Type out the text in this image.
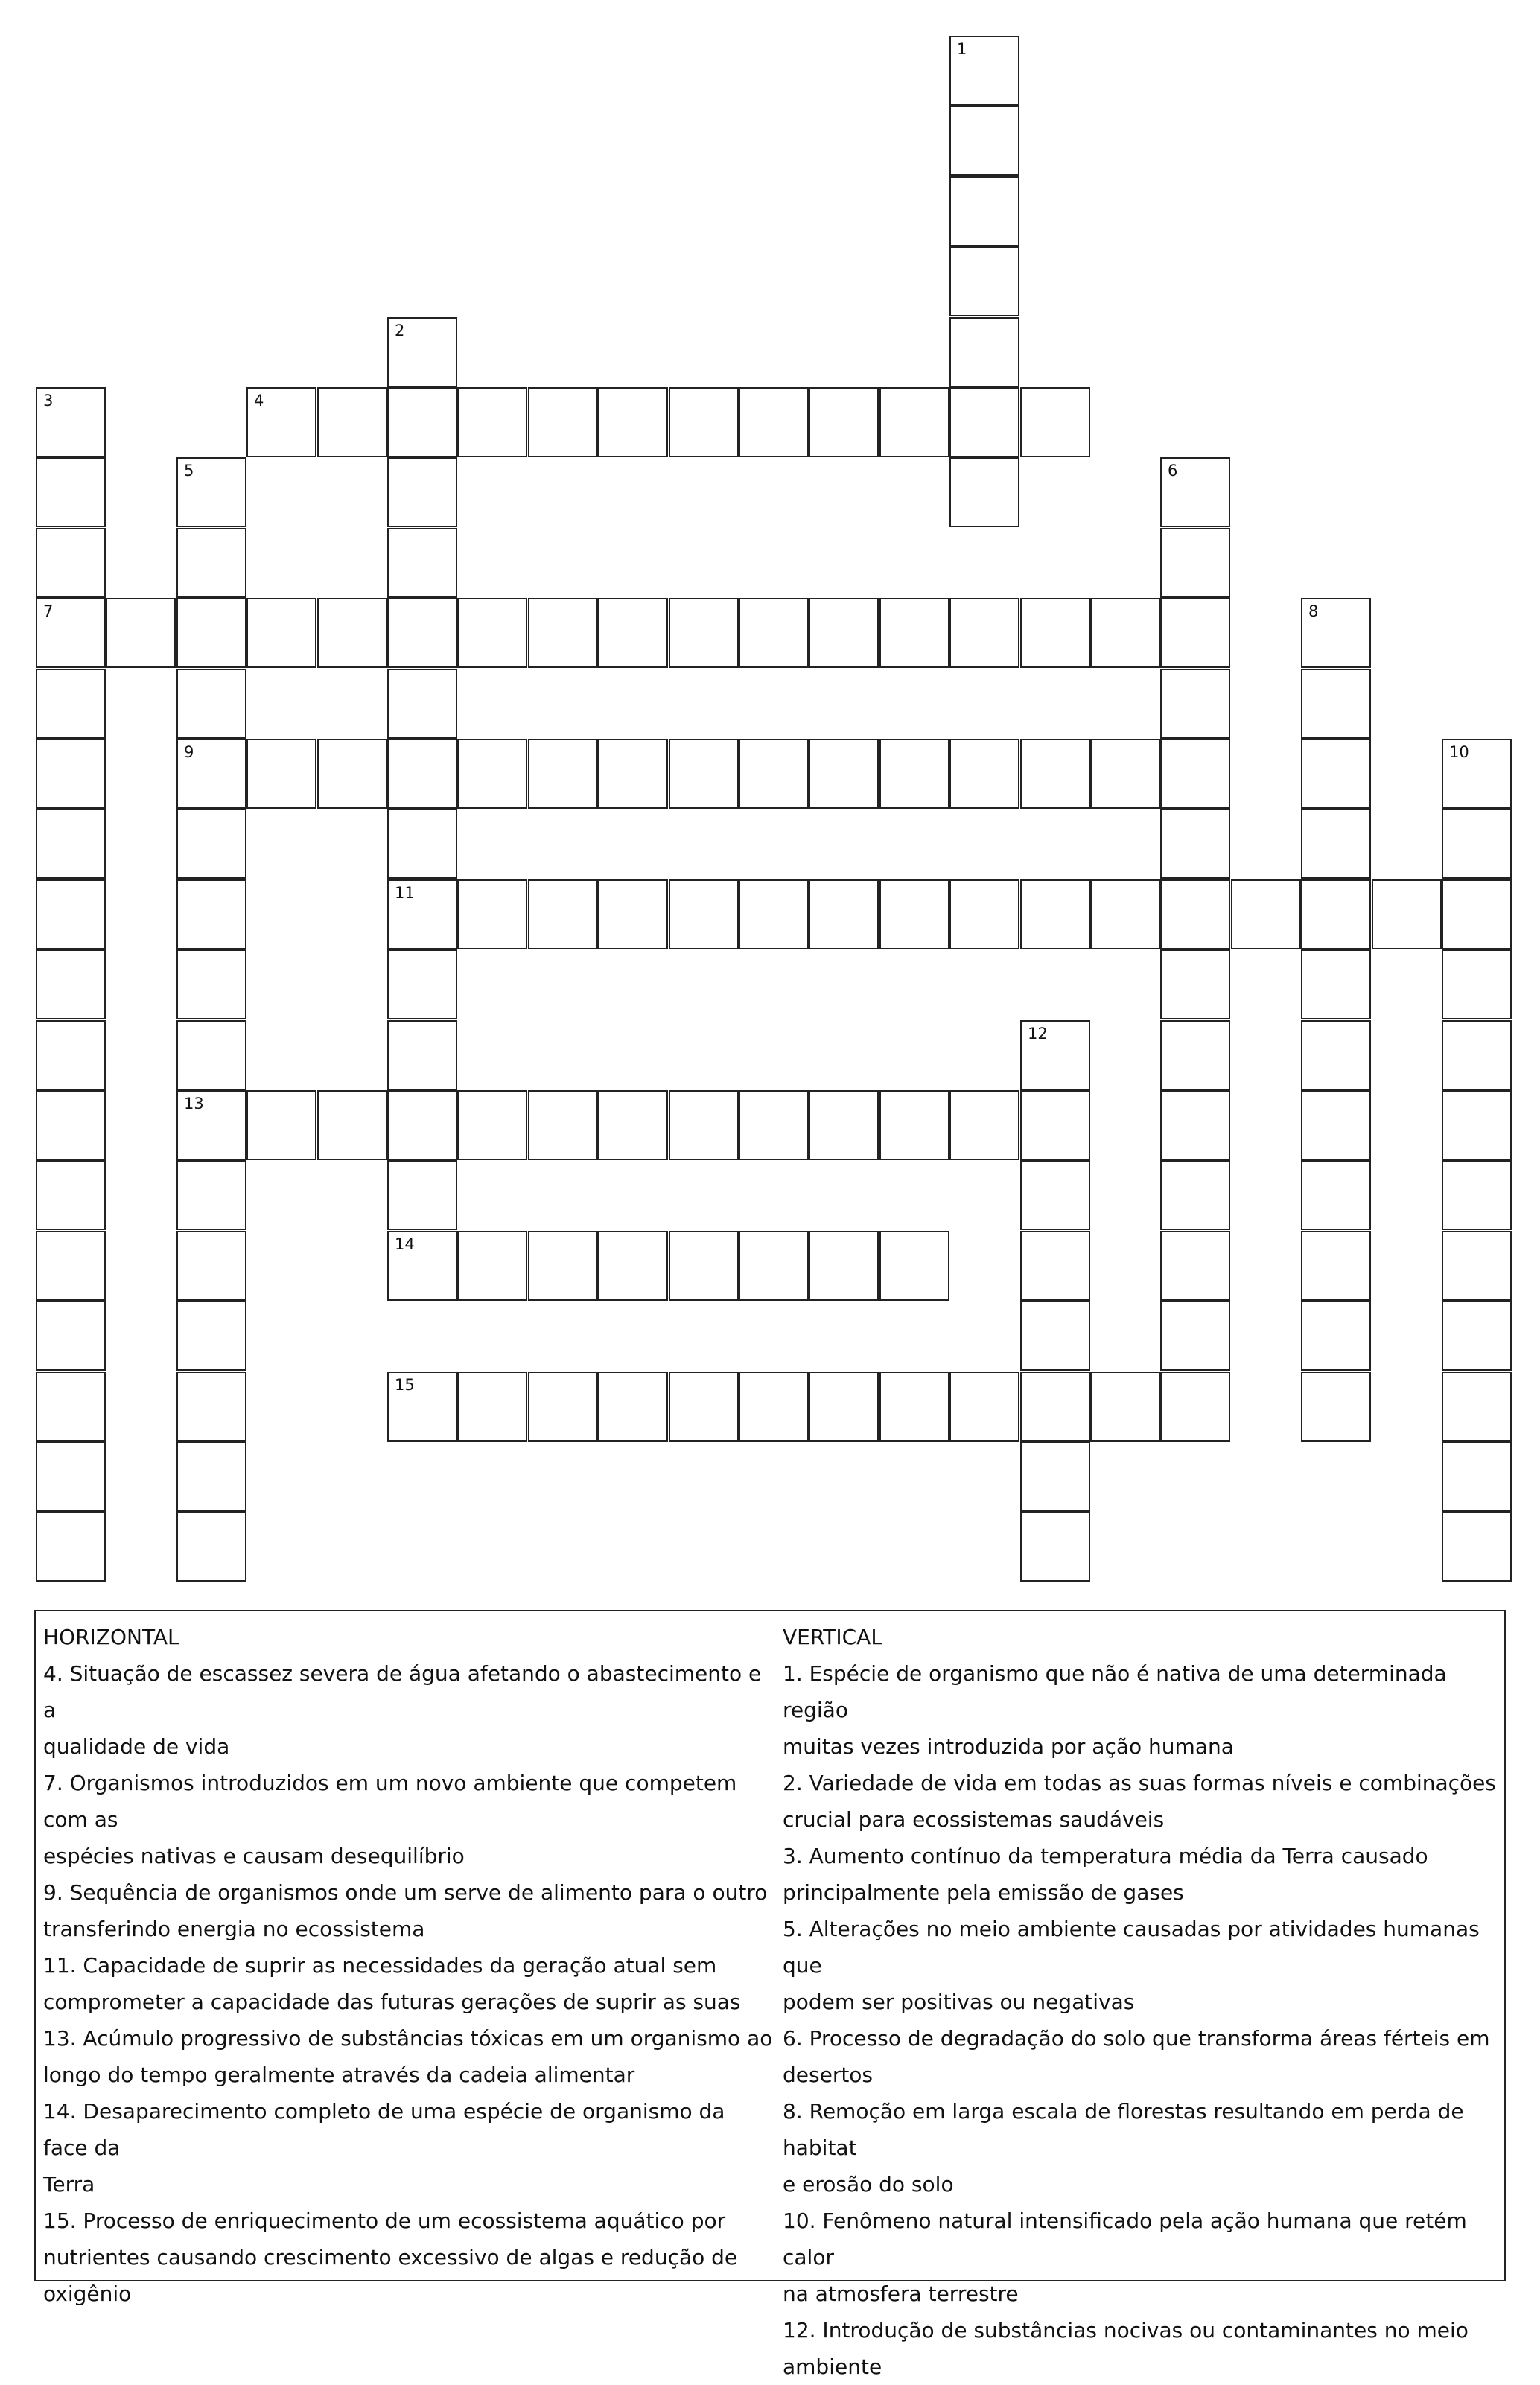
1
2
11
3
7
4
5
9
13
6
8
10
12
14
15

HORIZONTAL

4. Situação de escassez severa de água afetando o abastecimento e a

qualidade de vida

7. Organismos introduzidos em um novo ambiente que competem com as

espécies nativas e causam desequilíbrio

9. Sequência de organismos onde um serve de alimento para o outro

transferindo energia no ecossistema

11. Capacidade de suprir as necessidades da geração atual sem

comprometer a capacidade das futuras gerações de suprir as suas

13. Acúmulo progressivo de substâncias tóxicas em um organismo ao

longo do tempo geralmente através da cadeia alimentar

14. Desaparecimento completo de uma espécie de organismo da face da

Terra

15. Processo de enriquecimento de um ecossistema aquático por

nutrientes causando crescimento excessivo de algas e redução de

oxigênio

VERTICAL

1. Espécie de organismo que não é nativa de uma determinada região

muitas vezes introduzida por ação humana

2. Variedade de vida em todas as suas formas níveis e combinações

crucial para ecossistemas saudáveis

3. Aumento contínuo da temperatura média da Terra causado

principalmente pela emissão de gases

5. Alterações no meio ambiente causadas por atividades humanas que

podem ser positivas ou negativas

6. Processo de degradação do solo que transforma áreas férteis em

desertos

8. Remoção em larga escala de florestas resultando em perda de habitat

e erosão do solo

10. Fenômeno natural intensificado pela ação humana que retém calor

na atmosfera terrestre

12. Introdução de substâncias nocivas ou contaminantes no meio

ambiente
